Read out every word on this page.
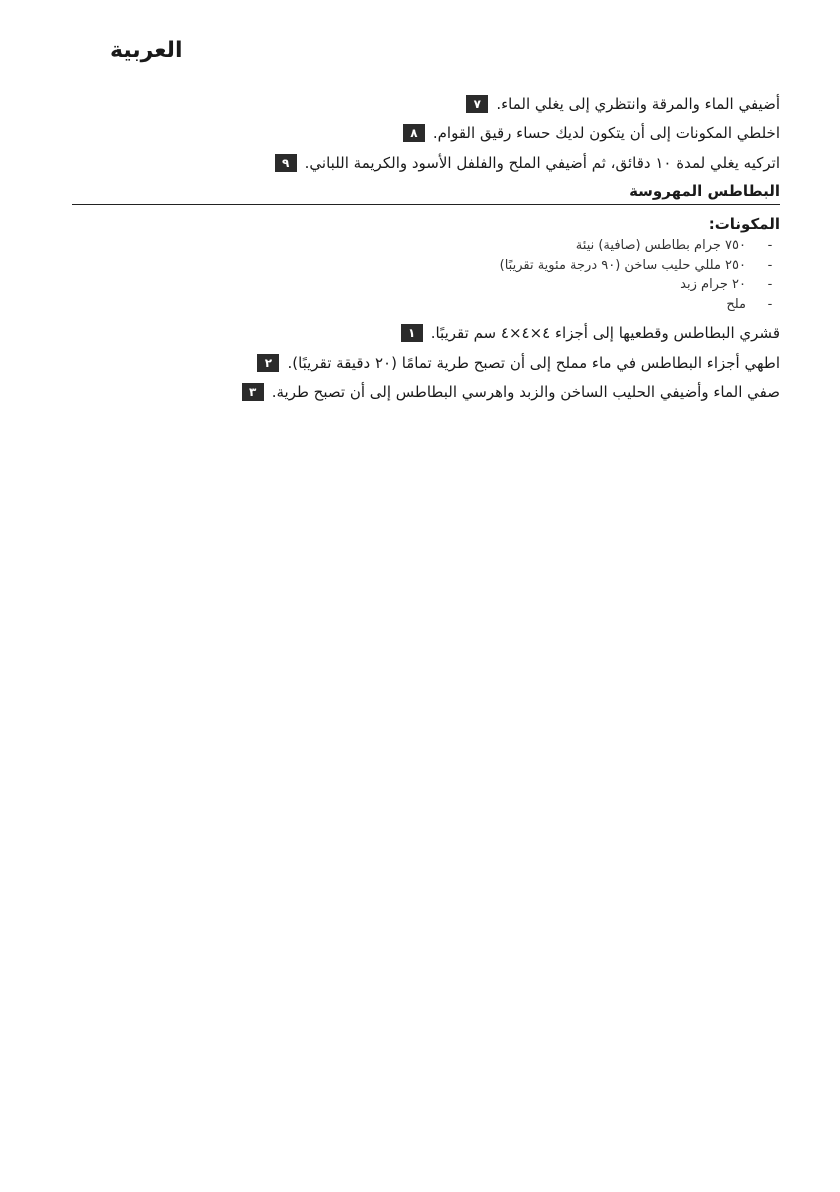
العربية
٧	أضيفي الماء والمرقة وانتظري إلى يغلي الماء.
٨	اخلطي المكونات إلى أن يتكون لديك حساء رقيق القوام.
٩	اتركيه يغلي لمدة ١٠ دقائق، ثم أضيفي الملح والفلفل الأسود والكريمة اللباني.
البطاطس المهروسة
المكونات:
-
٧٥٠ جرام بطاطس (صافية) نيئة
-
٢٥٠ مللي حليب ساخن (٩٠ درجة مئوية تقريبًا)
-
٢٠ جرام زبد
-
ملح
١	قشري البطاطس وقطعيها إلى أجزاء ٤×٤×٤ سم تقريبًا.
٢	اطهي أجزاء البطاطس في ماء مملح إلى أن تصبح طرية تمامًا (٢٠ دقيقة تقريبًا).
٣	صفي الماء وأضيفي الحليب الساخن والزبد واهرسي البطاطس إلى أن تصبح طرية.
